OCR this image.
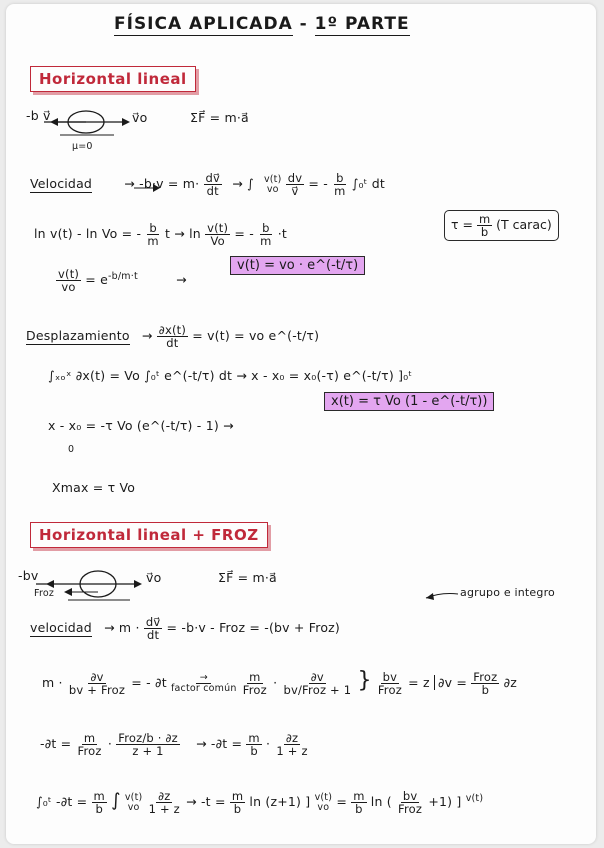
FÍSICA APLICADA - 1º PARTE
Horizontal lineal
-b v⃗	v⃗o
μ=0
ΣF⃗ = m·a⃗
Velocidad	→ $-b\cdot v = m\cdot \frac{dv⃗}{dt}$ → ∫ v(t)
vo
$\frac{dv}{v⃗}$ = - $\frac{b}{m}$ ∫₀ᵗ dt
ln v(t) - ln Vo = - $\frac{b}{m}$ $t \to \ln \frac{v(t)}{Vo}$ = - $\frac{b}{m} \cdot t$
$\tau = \frac{m}{b} (T$ carac)
$\frac{v(t)}{vo} = e^{-b/m\cdot t}$	→
v(t) = vo · e^(-t/τ)
Desplazamiento → $\frac{\partial x(t)}{dt} = v(t)$ = vo e^(-t/τ)
∫ₓₒˣ ∂x(t) = Vo ∫₀ᵗ e^(-t/τ) dt → x - x₀ = x₀(-τ) e^(-t/τ) ]₀ᵗ
x - x₀ = -τ Vo (e^(-t/τ) - 1) →
0
x(t) = τ Vo (1 - e^(-t/τ))
Xmax = τ Vo
Horizontal lineal + FROZ
-bv
Froz
v⃗o	ΣF⃗ = m·a⃗
agrupo e integro
velocidad → $m \cdot \frac{dv⃗}{dt} = -b\cdot v$ - Froz = -(bv + Froz)
$m \cdot \frac{\partial v}{\text{bv + Froz}}$ = - $\partial t \frac{\to}{\text{factor común}}$
$\frac{m}{\text{Froz}} \cdot \frac{\partial v}{\text{bv/Froz + 1}}$ } $\frac{bv}{\text{Froz}} = z$ $\partial v = \frac{\text{Froz}}{b} \partial z$
$-\partial t = \frac{m}{\text{Froz}} \cdot \frac{\text{Froz/b · ∂z}}{z + 1} \to -\partial t = \frac{m}{b} \cdot \frac{\partial z}{1 + z}$
∫₀ᵗ $-\partial t = \frac{m}{b}$ ∫ v(t)
vo
$\frac{\partial z}{1 + z} \to -t = \frac{m}{b}$ ln (z+1) ] v(t)
vo = $\frac{m}{b}$ ln ( $\frac{bv}{\text{Froz}} +1$) ] $^{v(t)}$
